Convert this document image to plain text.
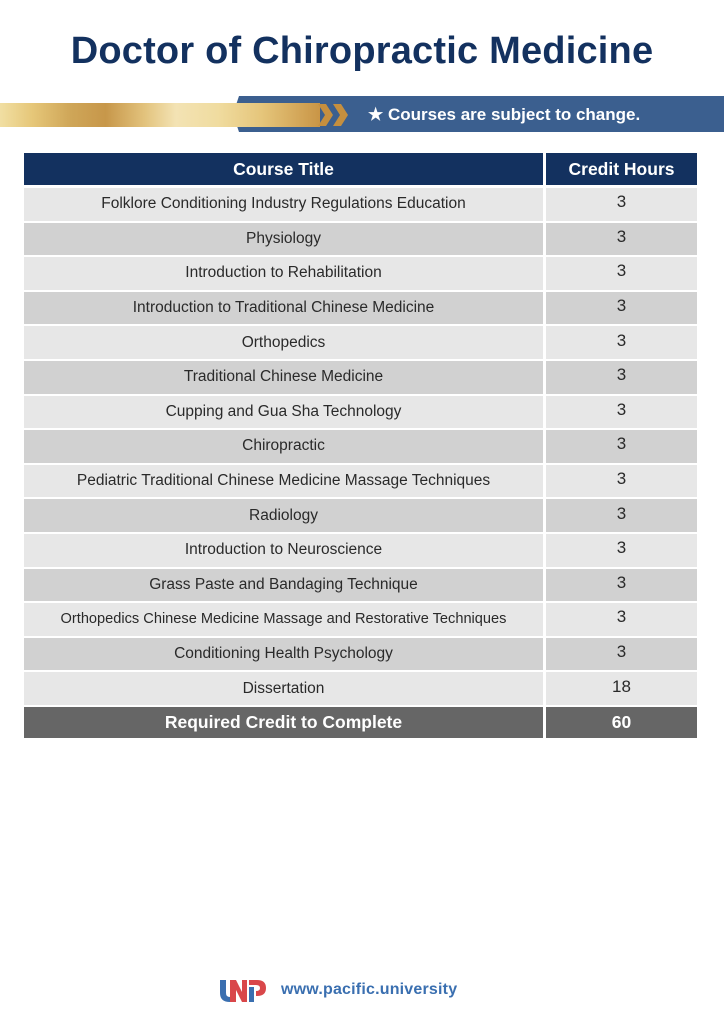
Doctor of Chiropractic Medicine
★ Courses are subject to change.
Course Title	Credit Hours
Folklore Conditioning Industry Regulations Education	3
Physiology	3
Introduction to Rehabilitation	3
Introduction to Traditional Chinese Medicine	3
Orthopedics	3
Traditional Chinese Medicine	3
Cupping and Gua Sha Technology	3
Chiropractic	3
Pediatric Traditional Chinese Medicine Massage Techniques	3
Radiology	3
Introduction to Neuroscience	3
Grass Paste and Bandaging Technique	3
Orthopedics Chinese Medicine Massage and Restorative Techniques	3
Conditioning Health Psychology	3
Dissertation	18
Required Credit to Complete	60
www.pacific.university
